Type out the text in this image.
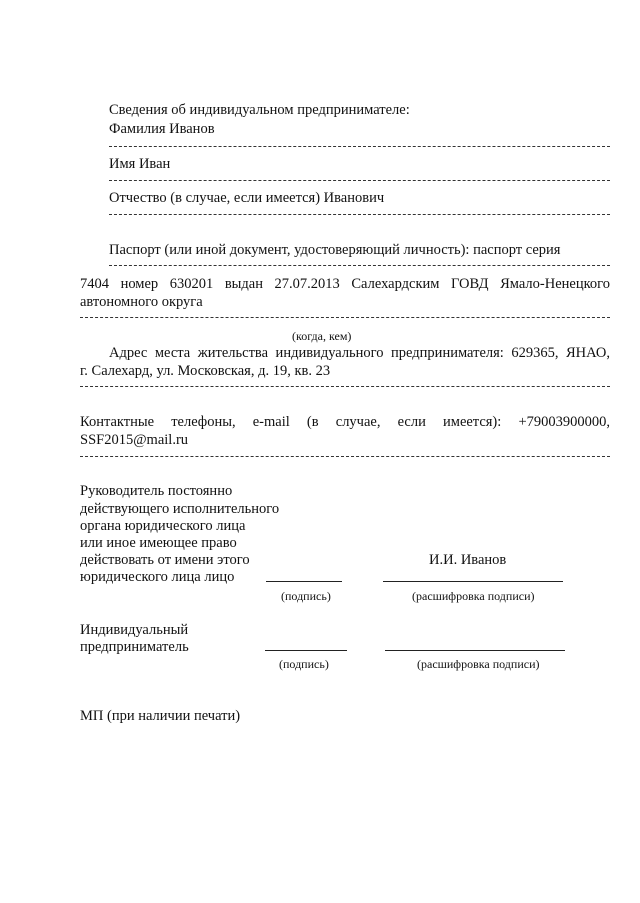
Сведения об индивидуальном предпринимателе:
Фамилия Иванов
Имя Иван
Отчество (в случае, если имеется) Иванович
Паспорт (или иной документ, удостоверяющий личность): паспорт серия
7404 номер 630201 выдан 27.07.2013 Салехардским ГОВД Ямало-Ненецкого
автономного округа
(когда, кем)
Адрес места жительства индивидуального предпринимателя: 629365, ЯНАО,
г. Салехард, ул. Московская, д. 19, кв. 23
Контактные телефоны, e-mail (в случае, если имеется): +79003900000,
SSF2015@mail.ru
Руководитель постоянно
действующего исполнительного
органа юридического лица
или иное имеющее право
действовать от имени этого
юридического лица лицо
И.И. Иванов
(подпись)	(расшифровка подписи)
Индивидуальный
предприниматель
(подпись)	(расшифровка подписи)
МП (при наличии печати)
